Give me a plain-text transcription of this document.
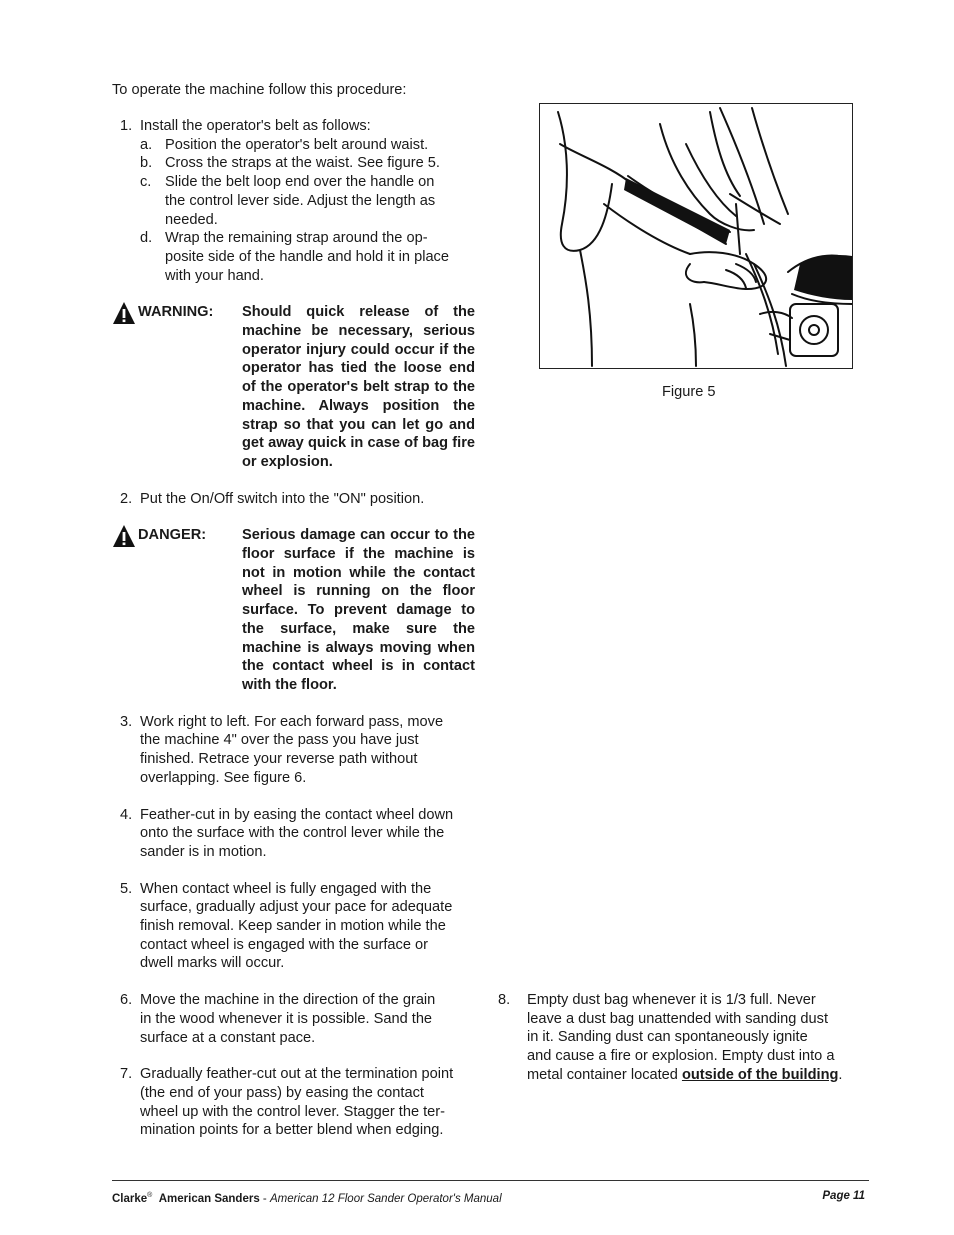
To operate the machine follow this procedure:
1. Install the operator's belt as follows:
a. Position the operator's belt around waist.
b. Cross the straps at the waist. See figure 5.
c. Slide the belt loop end over the handle on
the control lever side. Adjust the length as
needed.
d. Wrap the remaining strap around the op-
posite side of the handle and hold it in place
with your hand.
WARNING: Should quick release of the machine be necessary, serious operator injury could occur if the operator has tied the loose end of the operator's belt strap to the machine. Always position the strap so that you can let go and get away quick in case of bag fire or explosion.
2. Put the On/Off switch into the "ON" position.
DANGER: Serious damage can occur to the floor surface if the machine is not in motion while the contact wheel is running on the floor surface. To prevent damage to the surface, make sure the machine is always moving when the contact wheel is in contact with the floor.
3. Work right to left. For each forward pass, move
the machine 4" over the pass you have just
finished. Retrace your reverse path without
overlapping. See figure 6.
4. Feather-cut in by easing the contact wheel down
onto the surface with the control lever while the
sander is in motion.
5. When contact wheel is fully engaged with the
surface, gradually adjust your pace for adequate
finish removal. Keep sander in motion while the
contact wheel is engaged with the surface or
dwell marks will occur.
6. Move the machine in the direction of the grain
in the wood whenever it is possible. Sand the
surface at a constant pace.
7. Gradually feather-cut out at the termination point
(the end of your pass) by easing the contact
wheel up with the control lever. Stagger the ter-
mination points for a better blend when edging.
Figure 5
8. Empty dust bag whenever it is 1/3 full. Never
leave a dust bag unattended with sanding dust
in it. Sanding dust can spontaneously ignite
and cause a fire or explosion. Empty dust into a
metal container located outside of the building.
Clarke® American Sanders - American 12 Floor Sander Operator's Manual	Page 11
